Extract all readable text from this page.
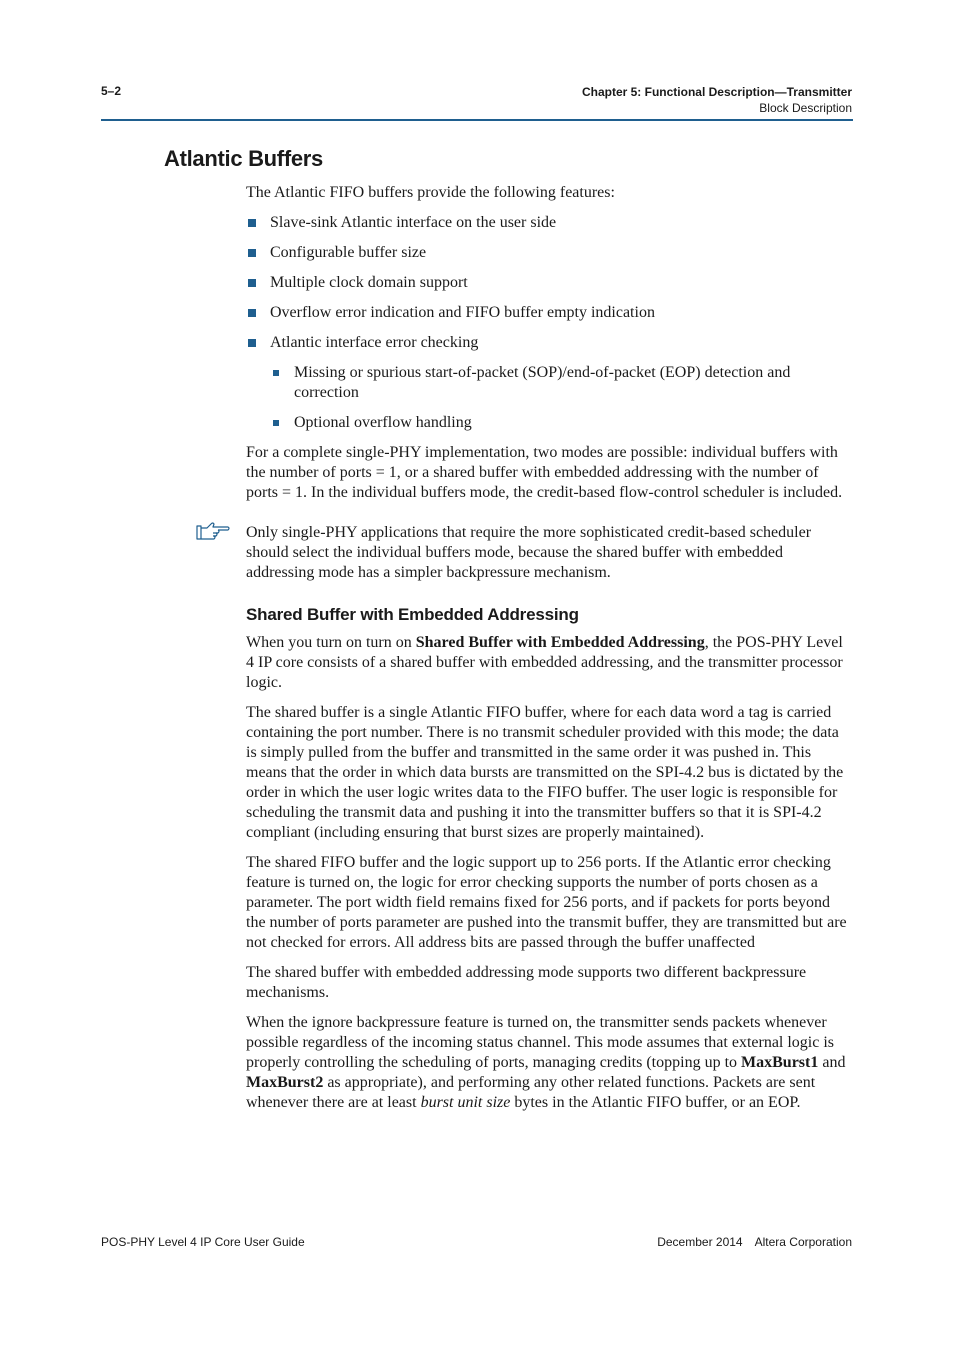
5–2	Chapter 5: Functional Description—Transmitter
Block Description
Atlantic Buffers

The Atlantic FIFO buffers provide the following features:

Slave-sink Atlantic interface on the user side
Configurable buffer size
Multiple clock domain support
Overflow error indication and FIFO buffer empty indication
Atlantic interface error checking
Missing or spurious start-of-packet (SOP)/end-of-packet (EOP) detection and correction
Optional overflow handling

For a complete single-PHY implementation, two modes are possible: individual buffers with the number of ports = 1, or a shared buffer with embedded addressing with the number of ports = 1. In the individual buffers mode, the credit-based flow-control scheduler is included.

Only single-PHY applications that require the more sophisticated credit-based scheduler should select the individual buffers mode, because the shared buffer with embedded addressing mode has a simpler backpressure mechanism.

Shared Buffer with Embedded Addressing

When you turn on turn on Shared Buffer with Embedded Addressing, the POS-PHY Level 4 IP core consists of a shared buffer with embedded addressing, and the transmitter processor logic.

The shared buffer is a single Atlantic FIFO buffer, where for each data word a tag is carried containing the port number. There is no transmit scheduler provided with this mode; the data is simply pulled from the buffer and transmitted in the same order it was pushed in. This means that the order in which data bursts are transmitted on the SPI-4.2 bus is dictated by the order in which the user logic writes data to the FIFO buffer. The user logic is responsible for scheduling the transmit data and pushing it into the transmitter buffers so that it is SPI-4.2 compliant (including ensuring that burst sizes are properly maintained).

The shared FIFO buffer and the logic support up to 256 ports. If the Atlantic error checking feature is turned on, the logic for error checking supports the number of ports chosen as a parameter. The port width field remains fixed for 256 ports, and if packets for ports beyond the number of ports parameter are pushed into the transmit buffer, they are transmitted but are not checked for errors. All address bits are passed through the buffer unaffected

The shared buffer with embedded addressing mode supports two different backpressure mechanisms.

When the ignore backpressure feature is turned on, the transmitter sends packets whenever possible regardless of the incoming status channel. This mode assumes that external logic is properly controlling the scheduling of ports, managing credits (topping up to MaxBurst1 and MaxBurst2 as appropriate), and performing any other related functions. Packets are sent whenever there are at least burst unit size bytes in the Atlantic FIFO buffer, or an EOP.

POS-PHY Level 4 IP Core User Guide	December 2014 Altera Corporation
